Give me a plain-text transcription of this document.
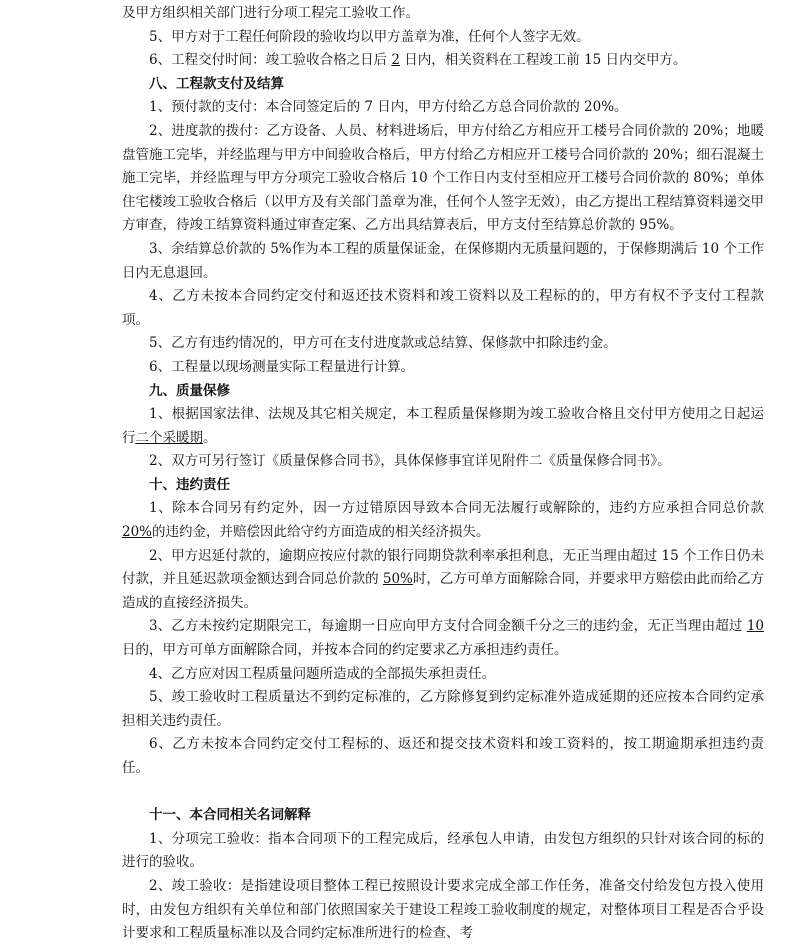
及甲方组织相关部门进行分项工程完工验收工作。

5、甲方对于工程任何阶段的验收均以甲方盖章为准，任何个人签字无效。

6、工程交付时间：竣工验收合格之日后 2 日内，相关资料在工程竣工前 15 日内交甲方。

八、工程款支付及结算

1、预付款的支付：本合同签定后的 7 日内，甲方付给乙方总合同价款的 20%。

2、进度款的拨付：乙方设备、人员、材料进场后，甲方付给乙方相应开工楼号合同价款的 20%；地暖盘管施工完毕，并经监理与甲方中间验收合格后，甲方付给乙方相应开工楼号合同价款的 20%；细石混凝土施工完毕，并经监理与甲方分项完工验收合格后 10 个工作日内支付至相应开工楼号合同价款的 80%；单体住宅楼竣工验收合格后（以甲方及有关部门盖章为准，任何个人签字无效），由乙方提出工程结算资料递交甲方审查，待竣工结算资料通过审查定案、乙方出具结算表后，甲方支付至结算总价款的 95%。

3、余结算总价款的 5%作为本工程的质量保证金，在保修期内无质量问题的，于保修期满后 10 个工作日内无息退回。

4、乙方未按本合同约定交付和返还技术资料和竣工资料以及工程标的的，甲方有权不予支付工程款项。

5、乙方有违约情况的，甲方可在支付进度款或总结算、保修款中扣除违约金。

6、工程量以现场测量实际工程量进行计算。

九、质量保修

1、根据国家法律、法规及其它相关规定，本工程质量保修期为竣工验收合格且交付甲方使用之日起运行二个采暖期。

2、双方可另行签订《质量保修合同书》，具体保修事宜详见附件二《质量保修合同书》。

十、违约责任

1、除本合同另有约定外，因一方过错原因导致本合同无法履行或解除的，违约方应承担合同总价款 20%的违约金，并赔偿因此给守约方面造成的相关经济损失。

2、甲方迟延付款的，逾期应按应付款的银行同期贷款利率承担利息，无正当理由超过 15 个工作日仍未付款，并且延迟款项金额达到合同总价款的 50%时，乙方可单方面解除合同，并要求甲方赔偿由此而给乙方造成的直接经济损失。

3、乙方未按约定期限完工，每逾期一日应向甲方支付合同金额千分之三的违约金，无正当理由超过 10 日的，甲方可单方面解除合同，并按本合同的约定要求乙方承担违约责任。

4、乙方应对因工程质量问题所造成的全部损失承担责任。

5、竣工验收时工程质量达不到约定标准的，乙方除修复到约定标准外造成延期的还应按本合同约定承担相关违约责任。

6、乙方未按本合同约定交付工程标的、返还和提交技术资料和竣工资料的，按工期逾期承担违约责任。

十一、本合同相关名词解释

1、分项完工验收：指本合同项下的工程完成后，经承包人申请，由发包方组织的只针对该合同的标的进行的验收。

2、竣工验收：是指建设项目整体工程已按照设计要求完成全部工作任务，准备交付给发包方投入使用时，由发包方组织有关单位和部门依照国家关于建设工程竣工验收制度的规定，对整体项目工程是否合乎设计要求和工程质量标准以及合同约定标准所进行的检查、考
